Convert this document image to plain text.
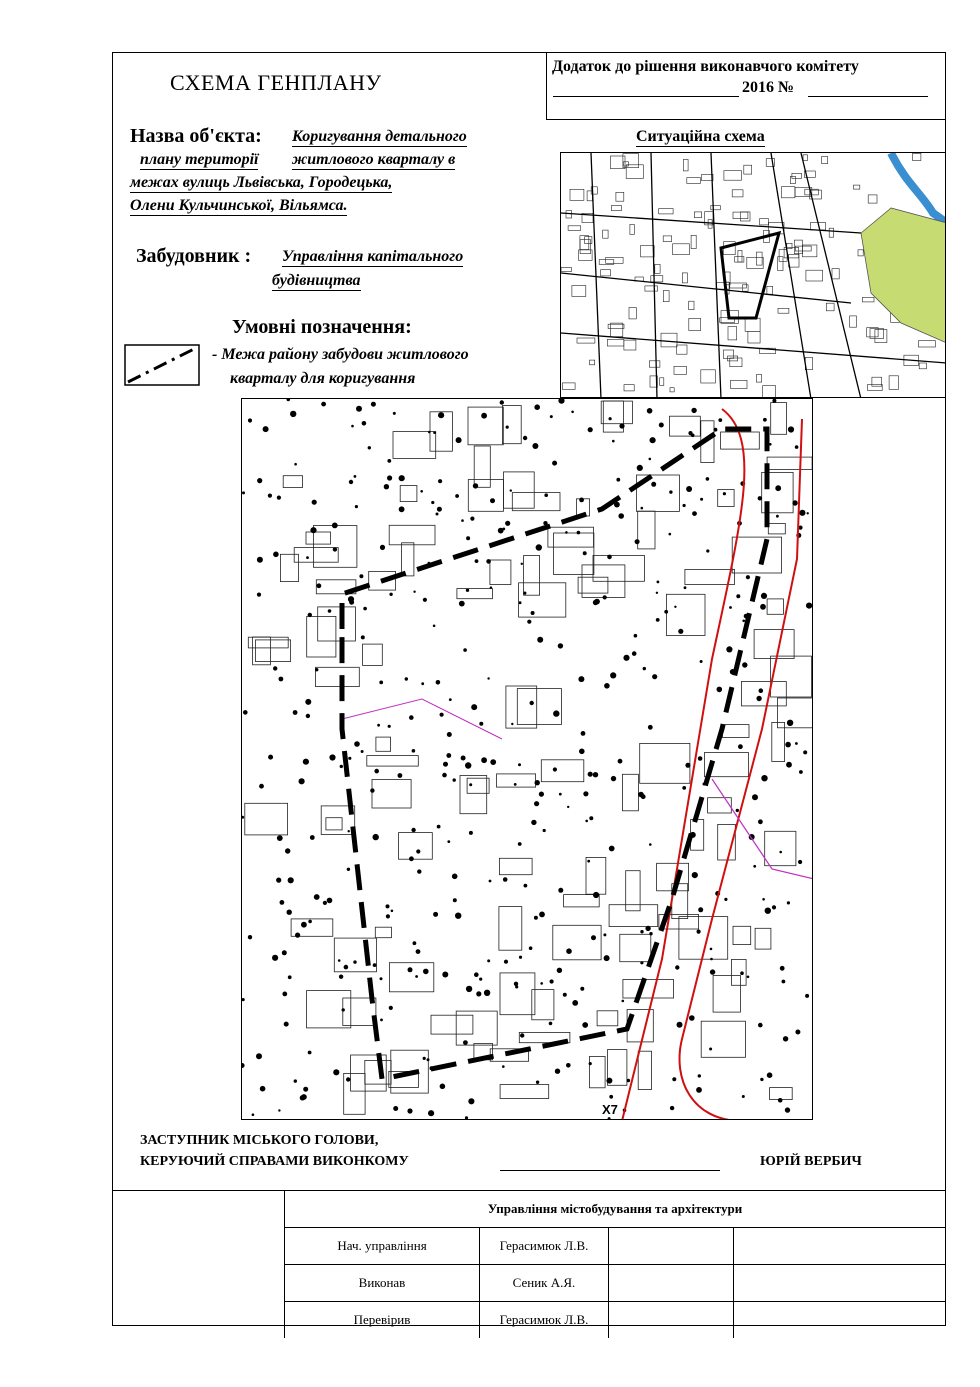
СХЕМА ГЕНПЛАНУ
Додаток до рішення виконавчого комітету
2016 №
Назва об'єкта: Коригування детального
плану території житлового кварталу в
межах вулиць Львівська, Городецька,
Олени Кульчинської, Вільямса.
Забудовник : Управління капітального
будівництва
Умовні позначення:
- Межа району забудови житлового
кварталу для коригування
Ситуаційна схема
Х7
ЗАСТУПНИК МІСЬКОГО ГОЛОВИ,
КЕРУЮЧИЙ СПРАВАМИ ВИКОНКОМУ	ЮРІЙ ВЕРБИЧ
	Управління містобудування та архітектури			
	Нач. управління	Герасимюк Л.В.		
	Виконав	Сеник А.Я.		
	Перевірив	Герасимюк Л.В.		
